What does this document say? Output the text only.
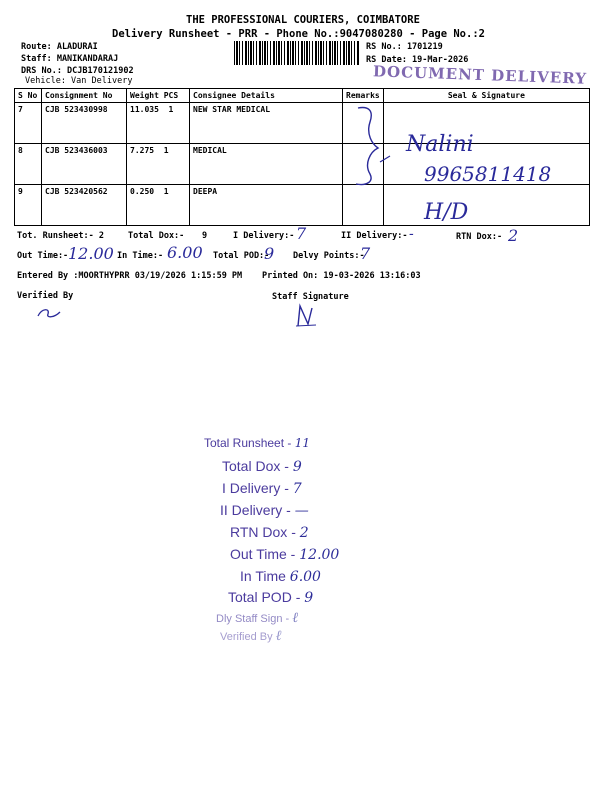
THE PROFESSIONAL COURIERS, COIMBATORE
Delivery Runsheet - PRR - Phone No.:9047080280 - Page No.:2
Route: ALADURAI
Staff: MANIKANDARAJ
DRS No.: DCJB170121902
Vehicle: Van Delivery
RS No.: 1701219
RS Date: 19-Mar-2026
DOCUMENT DELIVERY
S No	Consignment No	Weight PCS	Consignee Details	Remarks	Seal & Signature
7	CJB 523430998	11.035 1	NEW STAR MEDICAL		
8	CJB 523436003	7.275 1	MEDICAL		
9	CJB 523420562	0.250 1	DEEPA		
Nalini
9965811418
H/D
Tot. Runsheet:- 2	Total Dox:- 9	I Delivery:- 7	II Delivery:- -	RTN Dox:- 2
Out Time:- 12.00 In Time:- 6.00 Total POD:-
9 Delvy Points:-
7
Entered By :MOORTHYPRR 03/19/2026 1:15:59 PM Printed On: 19-03-2026 13:16:03
Verified By	Staff Signature
Total Runsheet - 11
Total Dox - 9
I Delivery - 7
II Delivery - —
RTN Dox - 2
Out Time - 12.00
In Time 6.00
Total POD - 9
Dly Staff Sign - ℓ
Verified By ℓ
